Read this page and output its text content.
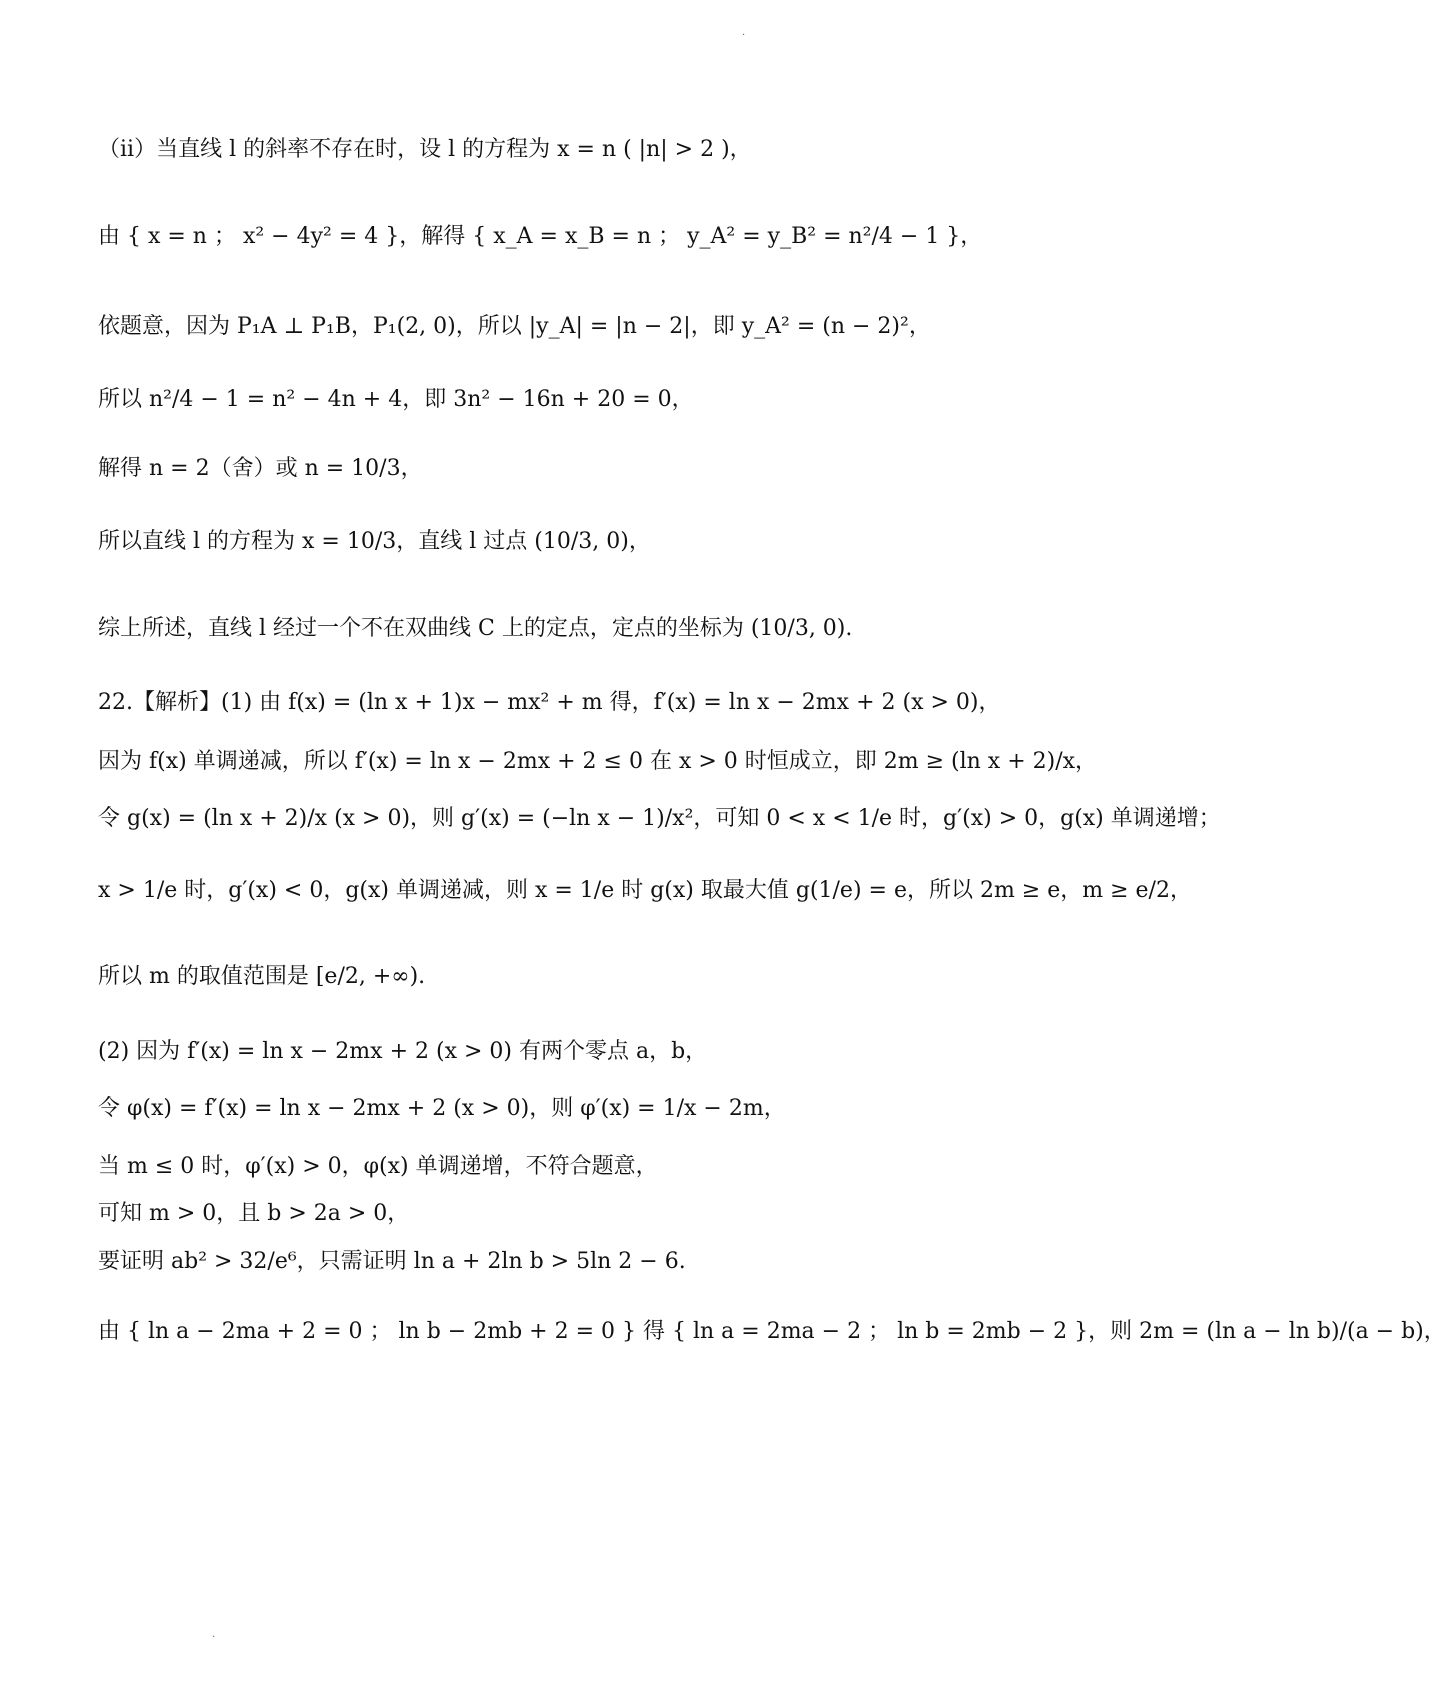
·
（ⅱ）当直线 l 的斜率不存在时，设 l 的方程为 x = n ( |n| > 2 )，
由 { x = n ； x² − 4y² = 4 }，解得 { x_A = x_B = n ； y_A² = y_B² = n²/4 − 1 }，
依题意，因为 P₁A ⊥ P₁B，P₁(2, 0)，所以 |y_A| = |n − 2|，即 y_A² = (n − 2)²，
所以 n²/4 − 1 = n² − 4n + 4，即 3n² − 16n + 20 = 0，
解得 n = 2（舍）或 n = 10/3，
所以直线 l 的方程为 x = 10/3，直线 l 过点 (10/3, 0)，
综上所述，直线 l 经过一个不在双曲线 C 上的定点，定点的坐标为 (10/3, 0).
22.【解析】(1) 由 f(x) = (ln x + 1)x − mx² + m 得，f′(x) = ln x − 2mx + 2 (x > 0)，
因为 f(x) 单调递减，所以 f′(x) = ln x − 2mx + 2 ≤ 0 在 x > 0 时恒成立，即 2m ≥ (ln x + 2)/x，
令 g(x) = (ln x + 2)/x (x > 0)，则 g′(x) = (−ln x − 1)/x²，可知 0 < x < 1/e 时，g′(x) > 0，g(x) 单调递增；
x > 1/e 时，g′(x) < 0，g(x) 单调递减，则 x = 1/e 时 g(x) 取最大值 g(1/e) = e，所以 2m ≥ e，m ≥ e/2，
所以 m 的取值范围是 [e/2, +∞).
(2) 因为 f′(x) = ln x − 2mx + 2 (x > 0) 有两个零点 a，b，
令 φ(x) = f′(x) = ln x − 2mx + 2 (x > 0)，则 φ′(x) = 1/x − 2m，
当 m ≤ 0 时，φ′(x) > 0，φ(x) 单调递增，不符合题意，
可知 m > 0，且 b > 2a > 0，
要证明 ab² > 32/e⁶，只需证明 ln a + 2ln b > 5ln 2 − 6.
由 { ln a − 2ma + 2 = 0 ； ln b − 2mb + 2 = 0 } 得 { ln a = 2ma − 2 ； ln b = 2mb − 2 }，则 2m = (ln a − ln b)/(a − b)，
·
